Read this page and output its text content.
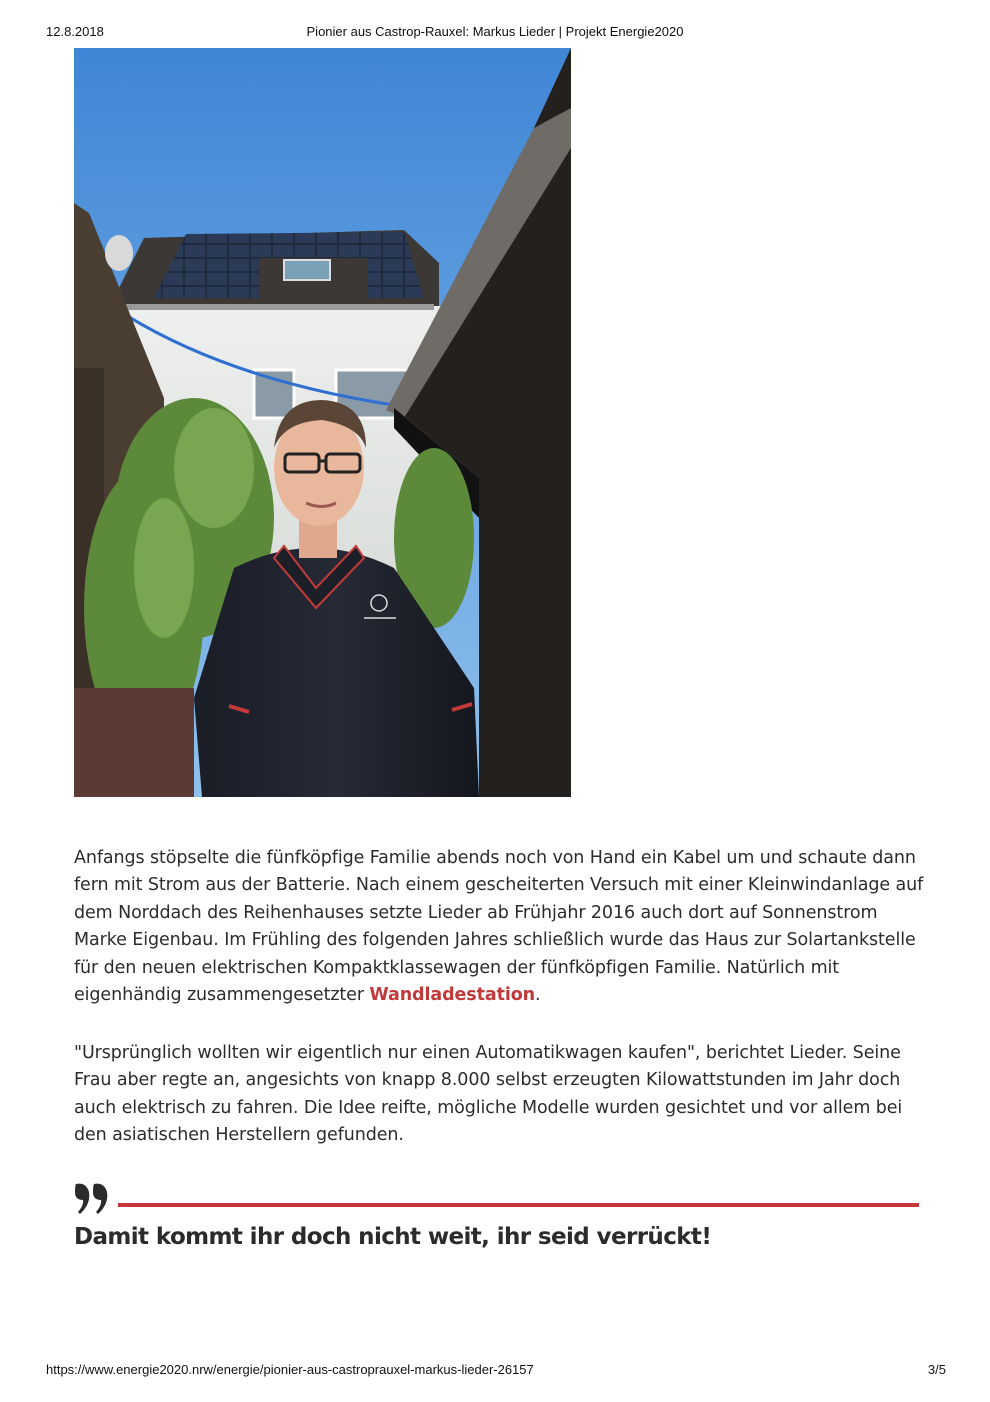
12.8.2018	Pionier aus Castrop-Rauxel: Markus Lieder | Projekt Energie2020

Anfangs stöpselte die fünfköpfige Familie abends noch von Hand ein Kabel um und schaute dann fern mit Strom aus der Batterie. Nach einem gescheiterten Versuch mit einer Kleinwindanlage auf dem Norddach des Reihenhauses setzte Lieder ab Frühjahr 2016 auch dort auf Sonnenstrom Marke Eigenbau. Im Frühling des folgenden Jahres schließlich wurde das Haus zur Solartankstelle für den neuen elektrischen Kompaktklassewagen der fünfköpfigen Familie. Natürlich mit eigenhändig zusammengesetzter Wandladestation.

"Ursprünglich wollten wir eigentlich nur einen Automatikwagen kaufen", berichtet Lieder. Seine Frau aber regte an, angesichts von knapp 8.000 selbst erzeugten Kilowattstunden im Jahr doch auch elektrisch zu fahren. Die Idee reifte, mögliche Modelle wurden gesichtet und vor allem bei den asiatischen Herstellern gefunden.

Damit kommt ihr doch nicht weit, ihr seid verrückt!

https://www.energie2020.nrw/energie/pionier-aus-castroprauxel-markus-lieder-26157	3/5
